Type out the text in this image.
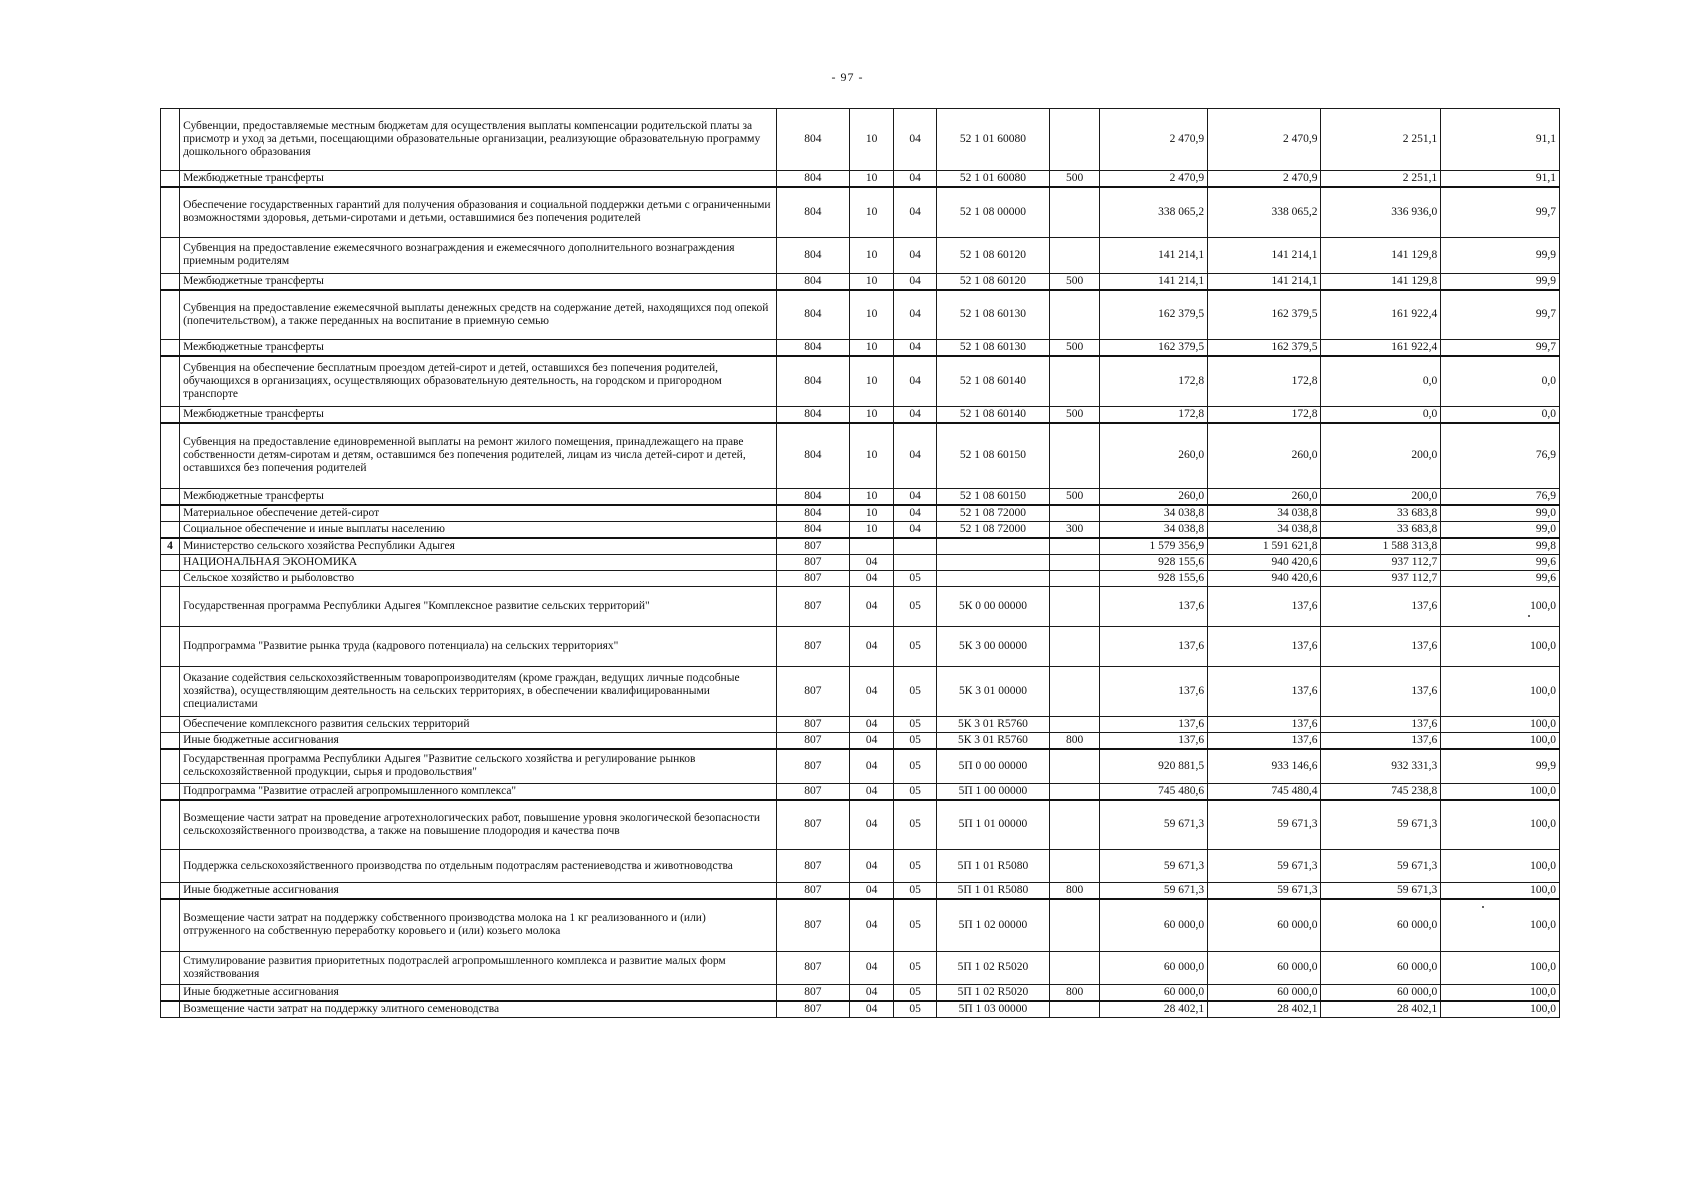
- 97 -
	Субвенции, предоставляемые местным бюджетам для осуществления выплаты компенсации родительской платы за присмотр и уход за детьми, посещающими образовательные организации, реализующие образовательную программу дошкольного образования	804	10	04	52 1 01 60080		2 470,9	2 470,9	2 251,1	91,1
	Межбюджетные трансферты	804	10	04	52 1 01 60080	500	2 470,9	2 470,9	2 251,1	91,1
	Обеспечение государственных гарантий для получения образования и социальной поддержки детьми с ограниченными возможностями здоровья, детьми-сиротами и детьми, оставшимися без попечения родителей	804	10	04	52 1 08 00000		338 065,2	338 065,2	336 936,0	99,7
	Субвенция на предоставление ежемесячного вознаграждения и ежемесячного дополнительного вознаграждения приемным родителям	804	10	04	52 1 08 60120		141 214,1	141 214,1	141 129,8	99,9
	Межбюджетные трансферты	804	10	04	52 1 08 60120	500	141 214,1	141 214,1	141 129,8	99,9
	Субвенция на предоставление ежемесячной выплаты денежных средств на содержание детей, находящихся под опекой (попечительством), а также переданных на воспитание в приемную семью	804	10	04	52 1 08 60130		162 379,5	162 379,5	161 922,4	99,7
	Межбюджетные трансферты	804	10	04	52 1 08 60130	500	162 379,5	162 379,5	161 922,4	99,7
	Субвенция на обеспечение бесплатным проездом детей-сирот и детей, оставшихся без попечения родителей, обучающихся в организациях, осуществляющих образовательную деятельность, на городском и пригородном транспорте	804	10	04	52 1 08 60140		172,8	172,8	0,0	0,0
	Межбюджетные трансферты	804	10	04	52 1 08 60140	500	172,8	172,8	0,0	0,0
	Субвенция на предоставление единовременной выплаты на ремонт жилого помещения, принадлежащего на праве собственности детям-сиротам и детям, оставшимся без попечения родителей, лицам из числа детей-сирот и детей, оставшихся без попечения родителей	804	10	04	52 1 08 60150		260,0	260,0	200,0	76,9
	Межбюджетные трансферты	804	10	04	52 1 08 60150	500	260,0	260,0	200,0	76,9
	Материальное обеспечение детей-сирот	804	10	04	52 1 08 72000		34 038,8	34 038,8	33 683,8	99,0
	Социальное обеспечение и иные выплаты населению	804	10	04	52 1 08 72000	300	34 038,8	34 038,8	33 683,8	99,0
4	Министерство сельского хозяйства Республики Адыгея	807					1 579 356,9	1 591 621,8	1 588 313,8	99,8
	НАЦИОНАЛЬНАЯ ЭКОНОМИКА	807	04				928 155,6	940 420,6	937 112,7	99,6
	Сельское хозяйство и рыболовство	807	04	05			928 155,6	940 420,6	937 112,7	99,6
	Государственная программа Республики Адыгея "Комплексное развитие сельских территорий"	807	04	05	5К 0 00 00000		137,6	137,6	137,6	100,0
	Подпрограмма "Развитие рынка труда (кадрового потенциала) на сельских территориях"	807	04	05	5К 3 00 00000		137,6	137,6	137,6	100,0
	Оказание содействия сельскохозяйственным товаропроизводителям (кроме граждан, ведущих личные подсобные хозяйства), осуществляющим деятельность на сельских территориях, в обеспечении квалифицированными специалистами	807	04	05	5К 3 01 00000		137,6	137,6	137,6	100,0
	Обеспечение комплексного развития сельских территорий	807	04	05	5К 3 01 R5760		137,6	137,6	137,6	100,0
	Иные бюджетные ассигнования	807	04	05	5К 3 01 R5760	800	137,6	137,6	137,6	100,0
	Государственная программа Республики Адыгея "Развитие сельского хозяйства и регулирование рынков сельскохозяйственной продукции, сырья и продовольствия"	807	04	05	5П 0 00 00000		920 881,5	933 146,6	932 331,3	99,9
	Подпрограмма "Развитие отраслей агропромышленного комплекса"	807	04	05	5П 1 00 00000		745 480,6	745 480,4	745 238,8	100,0
	Возмещение части затрат на проведение агротехнологических работ, повышение уровня экологической безопасности сельскохозяйственного производства, а также на повышение плодородия и качества почв	807	04	05	5П 1 01 00000		59 671,3	59 671,3	59 671,3	100,0
	Поддержка сельскохозяйственного производства по отдельным подотраслям растениеводства и животноводства	807	04	05	5П 1 01 R5080		59 671,3	59 671,3	59 671,3	100,0
	Иные бюджетные ассигнования	807	04	05	5П 1 01 R5080	800	59 671,3	59 671,3	59 671,3	100,0
	Возмещение части затрат на поддержку собственного производства молока на 1 кг реализованного и (или) отгруженного на собственную переработку коровьего и (или) козьего молока	807	04	05	5П 1 02 00000		60 000,0	60 000,0	60 000,0	100,0
	Стимулирование развития приоритетных подотраслей агропромышленного комплекса и развитие малых форм хозяйствования	807	04	05	5П 1 02 R5020		60 000,0	60 000,0	60 000,0	100,0
	Иные бюджетные ассигнования	807	04	05	5П 1 02 R5020	800	60 000,0	60 000,0	60 000,0	100,0
	Возмещение части затрат на поддержку элитного семеноводства	807	04	05	5П 1 03 00000		28 402,1	28 402,1	28 402,1	100,0
